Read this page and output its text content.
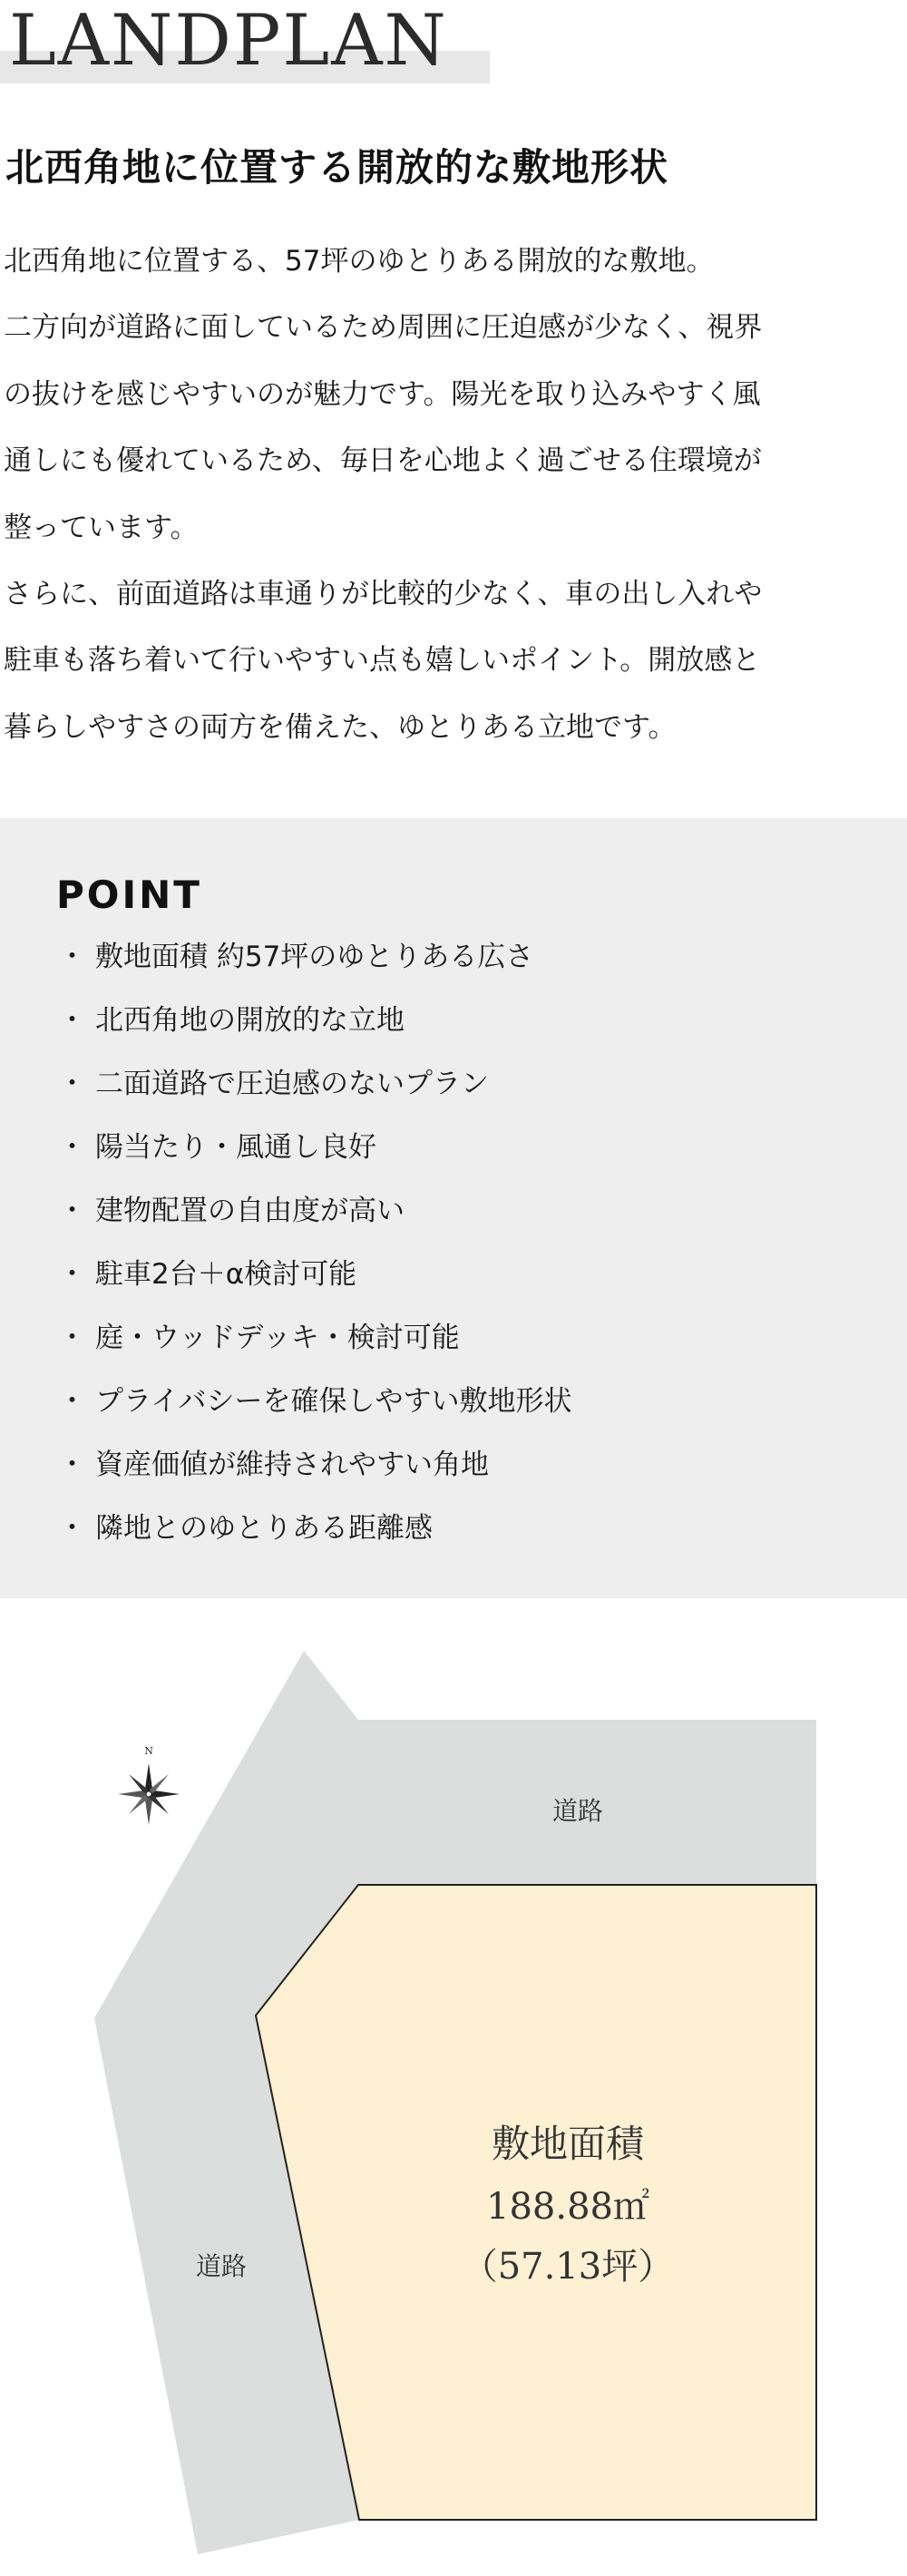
LANDPLAN
北西角地に位置する開放的な敷地形状

北西角地に位置する、57坪のゆとりある開放的な敷地。

二方向が道路に面しているため周囲に圧迫感が少なく、視界

の抜けを感じやすいのが魅力です。陽光を取り込みやすく風

通しにも優れているため、毎日を心地よく過ごせる住環境が

整っています。

さらに、前面道路は車通りが比較的少なく、車の出し入れや

駐車も落ち着いて行いやすい点も嬉しいポイント。開放感と

暮らしやすさの両方を備えた、ゆとりある立地です。

POINT
・ 敷地面積 約57坪のゆとりある広さ
・ 北西角地の開放的な立地
・ 二面道路で圧迫感のないプラン
・ 陽当たり・風通し良好
・ 建物配置の自由度が高い
・ 駐車2台＋α検討可能
・ 庭・ウッドデッキ・検討可能
・ プライバシーを確保しやすい敷地形状
・ 資産価値が維持されやすい角地
・ 隣地とのゆとりある距離感
N
道路
道路
敷地面積
188.88㎡
（57.13坪）
